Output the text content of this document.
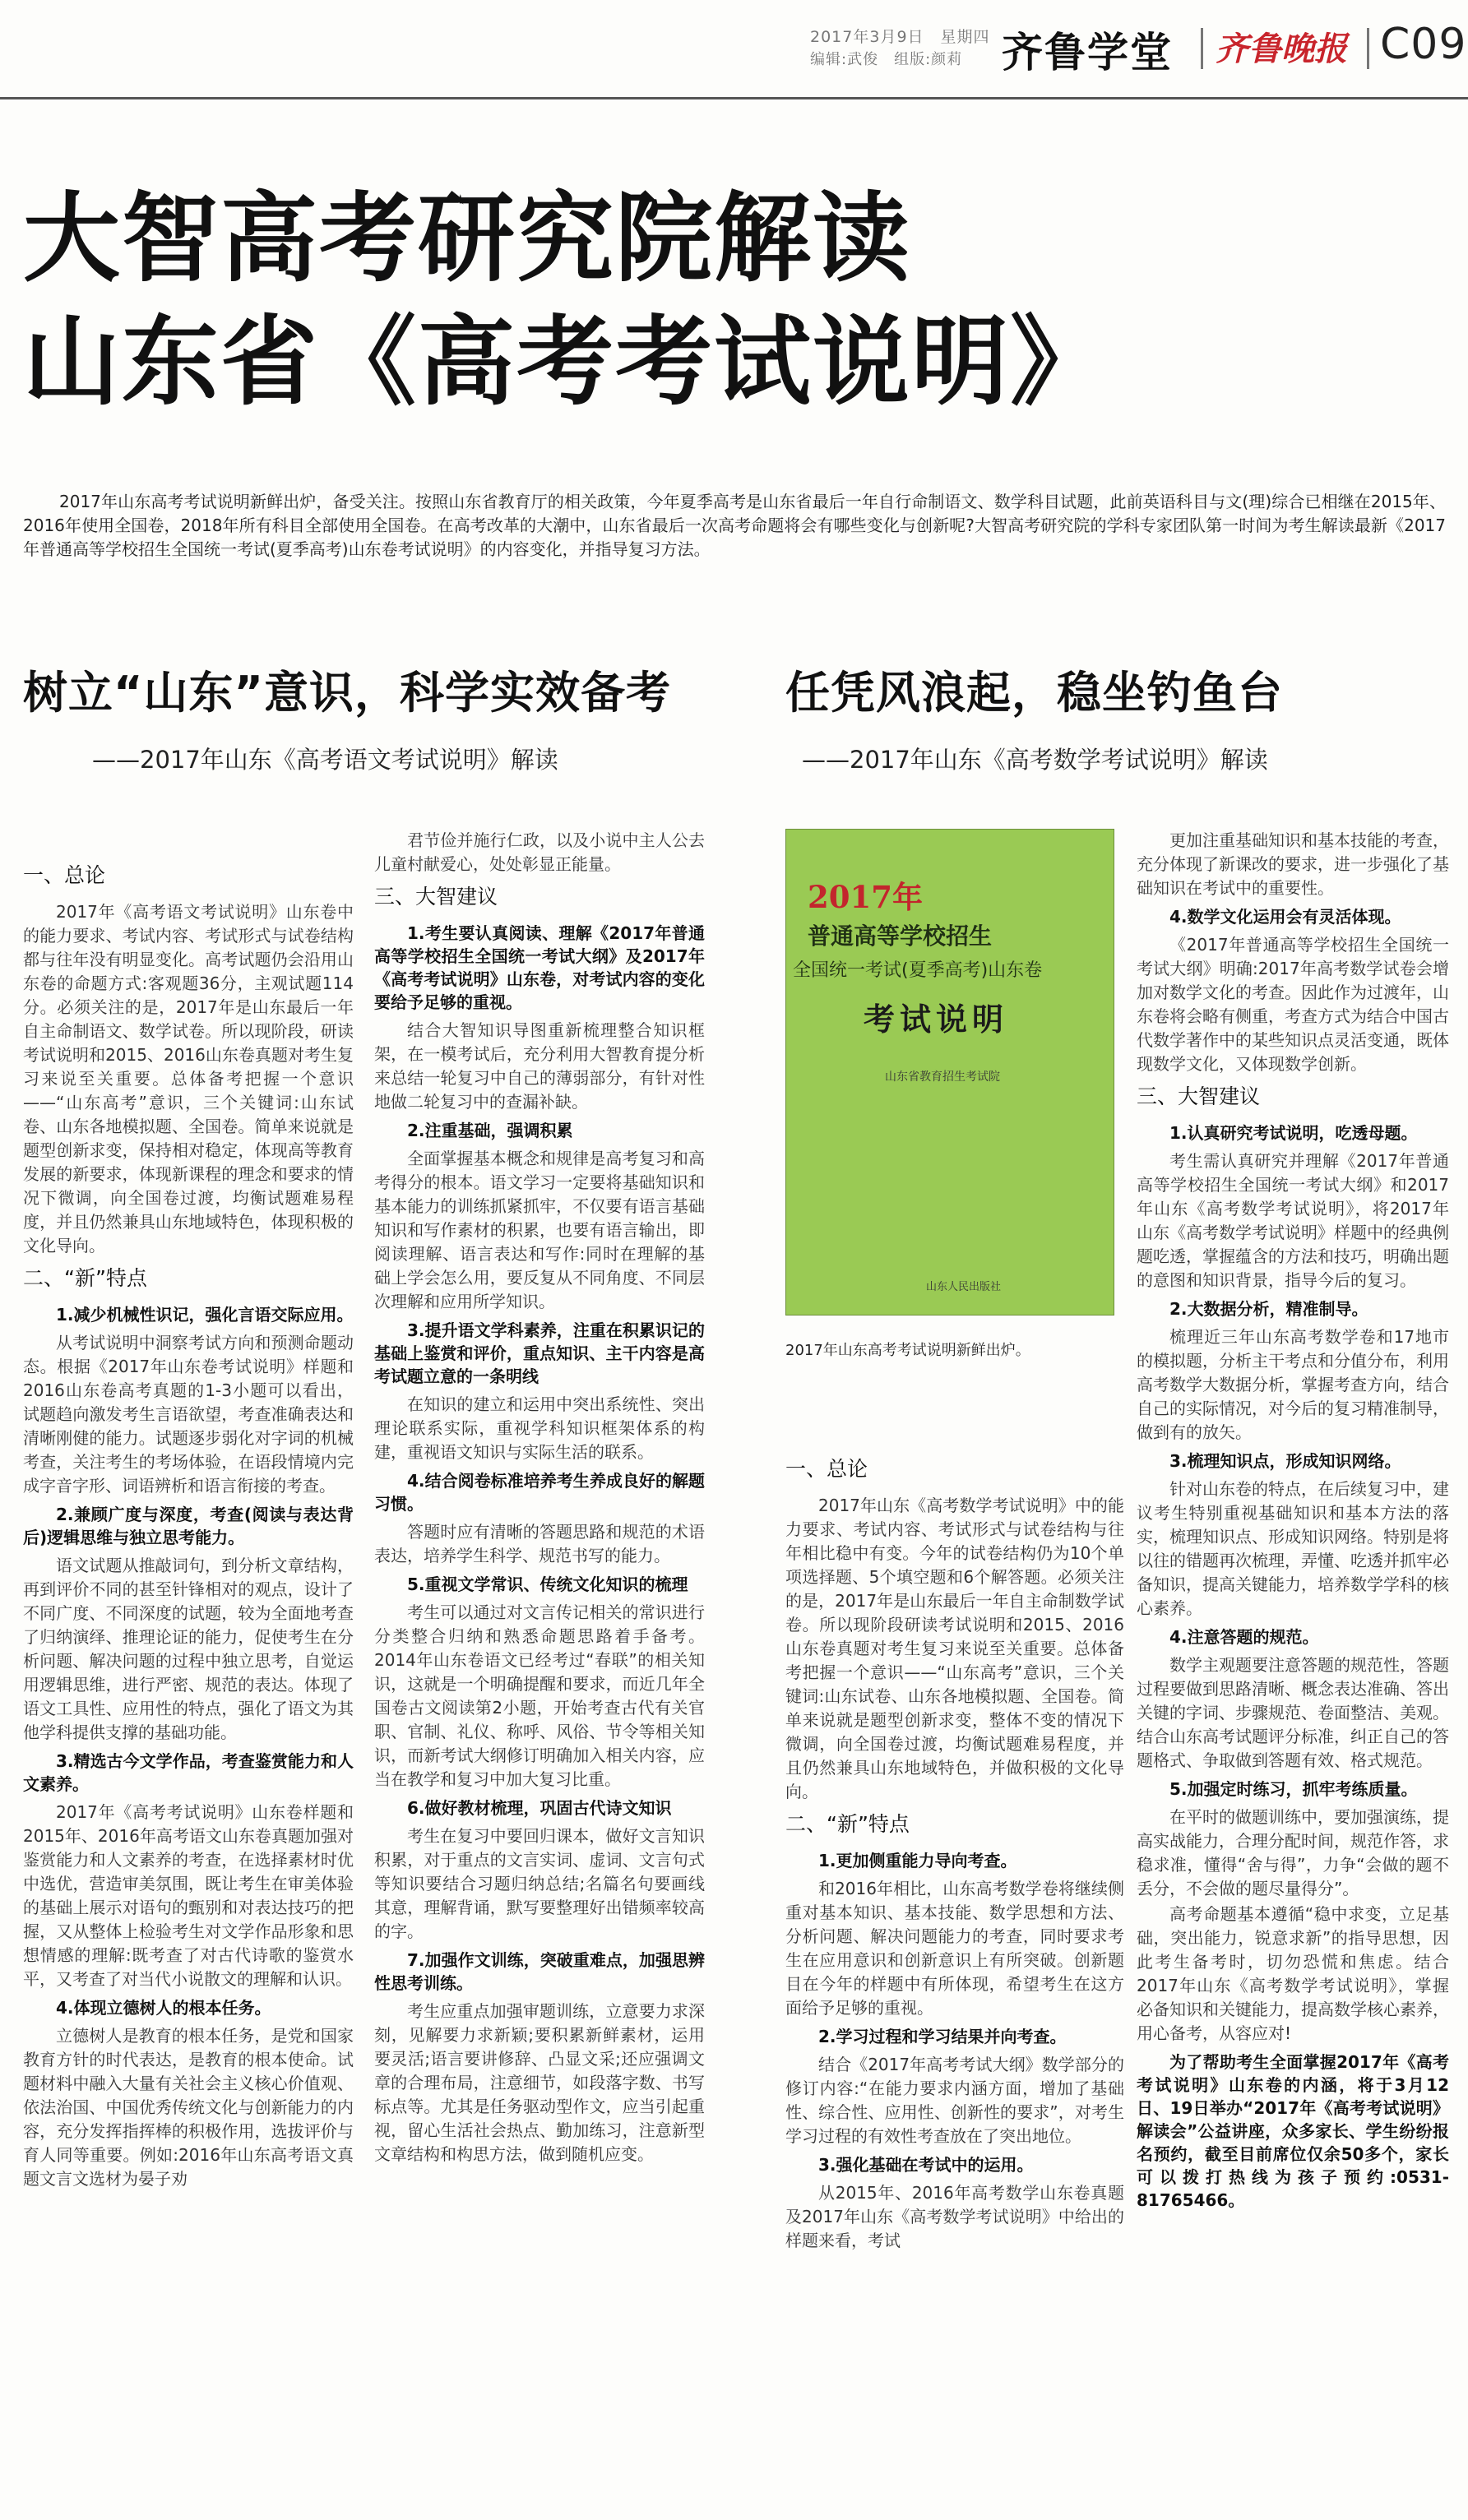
2017年3月9日　星期四
编辑:武俊　组版:颜莉 齐鲁学堂 齐鲁晚报 C09
大智高考研究院解读
山东省《高考考试说明》

2017年山东高考考试说明新鲜出炉，备受关注。按照山东省教育厅的相关政策，今年夏季高考是山东省最后一年自行命制语文、数学科目试题，此前英语科目与文(理)综合已相继在2015年、2016年使用全国卷，2018年所有科目全部使用全国卷。在高考改革的大潮中，山东省最后一次高考命题将会有哪些变化与创新呢?大智高考研究院的学科专家团队第一时间为考生解读最新《2017年普通高等学校招生全国统一考试(夏季高考)山东卷考试说明》的内容变化，并指导复习方法。

树立“山东”意识，科学实效备考
——2017年山东《高考语文考试说明》解读
任凭风浪起，稳坐钓鱼台
——2017年山东《高考数学考试说明》解读
一、总论

2017年《高考语文考试说明》山东卷中的能力要求、考试内容、考试形式与试卷结构都与往年没有明显变化。高考试题仍会沿用山东卷的命题方式:客观题36分，主观试题114分。必须关注的是，2017年是山东最后一年自主命制语文、数学试卷。所以现阶段，研读考试说明和2015、2016山东卷真题对考生复习来说至关重要。总体备考把握一个意识——“山东高考”意识，三个关键词:山东试卷、山东各地模拟题、全国卷。简单来说就是题型创新求变，保持相对稳定，体现高等教育发展的新要求，体现新课程的理念和要求的情况下微调，向全国卷过渡，均衡试题难易程度，并且仍然兼具山东地域特色，体现积极的文化导向。

二、“新”特点
1.减少机械性识记，强化言语交际应用。

从考试说明中洞察考试方向和预测命题动态。根据《2017年山东卷考试说明》样题和2016山东卷高考真题的1-3小题可以看出，试题趋向激发考生言语欲望，考查准确表达和清晰刚健的能力。试题逐步弱化对字词的机械考查，关注考生的考场体验，在语段情境内完成字音字形、词语辨析和语言衔接的考查。

2.兼顾广度与深度，考查(阅读与表达背后)逻辑思维与独立思考能力。

语文试题从推敲词句，到分析文章结构，再到评价不同的甚至针锋相对的观点，设计了不同广度、不同深度的试题，较为全面地考查了归纳演绎、推理论证的能力，促使考生在分析问题、解决问题的过程中独立思考，自觉运用逻辑思维，进行严密、规范的表达。体现了语文工具性、应用性的特点，强化了语文为其他学科提供支撑的基础功能。

3.精选古今文学作品，考查鉴赏能力和人文素养。

2017年《高考考试说明》山东卷样题和2015年、2016年高考语文山东卷真题加强对鉴赏能力和人文素养的考查，在选择素材时优中选优，营造审美氛围，既让考生在审美体验的基础上展示对语句的甄别和对表达技巧的把握，又从整体上检验考生对文学作品形象和思想情感的理解:既考查了对古代诗歌的鉴赏水平，又考查了对当代小说散文的理解和认识。

4.体现立德树人的根本任务。

立德树人是教育的根本任务，是党和国家教育方针的时代表达，是教育的根本使命。试题材料中融入大量有关社会主义核心价值观、依法治国、中国优秀传统文化与创新能力的内容，充分发挥指挥棒的积极作用，选拔评价与育人同等重要。例如:2016年山东高考语文真题文言文选材为晏子劝

君节俭并施行仁政，以及小说中主人公去儿童村献爱心，处处彰显正能量。

三、大智建议
1.考生要认真阅读、理解《2017年普通高等学校招生全国统一考试大纲》及2017年《高考考试说明》山东卷，对考试内容的变化要给予足够的重视。

结合大智知识导图重新梳理整合知识框架，在一模考试后，充分利用大智教育提分析来总结一轮复习中自己的薄弱部分，有针对性地做二轮复习中的查漏补缺。

2.注重基础，强调积累

全面掌握基本概念和规律是高考复习和高考得分的根本。语文学习一定要将基础知识和基本能力的训练抓紧抓牢，不仅要有语言基础知识和写作素材的积累，也要有语言输出，即阅读理解、语言表达和写作:同时在理解的基础上学会怎么用，要反复从不同角度、不同层次理解和应用所学知识。

3.提升语文学科素养，注重在积累识记的基础上鉴赏和评价，重点知识、主干内容是高考试题立意的一条明线

在知识的建立和运用中突出系统性、突出理论联系实际，重视学科知识框架体系的构建，重视语文知识与实际生活的联系。

4.结合阅卷标准培养考生养成良好的解题习惯。

答题时应有清晰的答题思路和规范的术语表达，培养学生科学、规范书写的能力。

5.重视文学常识、传统文化知识的梳理

考生可以通过对文言传记相关的常识进行分类整合归纳和熟悉命题思路着手备考。2014年山东卷语文已经考过“春联”的相关知识，这就是一个明确提醒和要求，而近几年全国卷古文阅读第2小题，开始考查古代有关官职、官制、礼仪、称呼、风俗、节令等相关知识，而新考试大纲修订明确加入相关内容，应当在教学和复习中加大复习比重。

6.做好教材梳理，巩固古代诗文知识

考生在复习中要回归课本，做好文言知识积累，对于重点的文言实词、虚词、文言句式等知识要结合习题归纳总结;名篇名句要画线其意，理解背诵，默写要整理好出错频率较高的字。

7.加强作文训练，突破重难点，加强思辨性思考训练。

考生应重点加强审题训练，立意要力求深刻，见解要力求新颖;要积累新鲜素材，运用要灵活;语言要讲修辞、凸显文采;还应强调文章的合理布局，注意细节，如段落字数、书写标点等。尤其是任务驱动型作文，应当引起重视，留心生活社会热点、勤加练习，注意新型文章结构和构思方法，做到随机应变。

2017年
普通高等学校招生
全国统一考试(夏季高考)山东卷
考试说明
山东省教育招生考试院
山东人民出版社
2017年山东高考考试说明新鲜出炉。
一、总论

2017年山东《高考数学考试说明》中的能力要求、考试内容、考试形式与试卷结构与往年相比稳中有变。今年的试卷结构仍为10个单项选择题、5个填空题和6个解答题。必须关注的是，2017年是山东最后一年自主命制数学试卷。所以现阶段研读考试说明和2015、2016山东卷真题对考生复习来说至关重要。总体备考把握一个意识——“山东高考”意识，三个关键词:山东试卷、山东各地模拟题、全国卷。简单来说就是题型创新求变，整体不变的情况下微调，向全国卷过渡，均衡试题难易程度，并且仍然兼具山东地域特色，并做积极的文化导向。

二、“新”特点
1.更加侧重能力导向考查。

和2016年相比，山东高考数学卷将继续侧重对基本知识、基本技能、数学思想和方法、分析问题、解决问题能力的考查，同时要求考生在应用意识和创新意识上有所突破。创新题目在今年的样题中有所体现，希望考生在这方面给予足够的重视。

2.学习过程和学习结果并向考查。

结合《2017年高考考试大纲》数学部分的修订内容:“在能力要求内涵方面，增加了基础性、综合性、应用性、创新性的要求”，对考生学习过程的有效性考查放在了突出地位。

3.强化基础在考试中的运用。

从2015年、2016年高考数学山东卷真题及2017年山东《高考数学考试说明》中给出的样题来看，考试

更加注重基础知识和基本技能的考查，充分体现了新课改的要求，进一步强化了基础知识在考试中的重要性。

4.数学文化运用会有灵活体现。

《2017年普通高等学校招生全国统一考试大纲》明确:2017年高考数学试卷会增加对数学文化的考查。因此作为过渡年，山东卷将会略有侧重，考查方式为结合中国古代数学著作中的某些知识点灵活变通，既体现数学文化，又体现数学创新。

三、大智建议
1.认真研究考试说明，吃透母题。

考生需认真研究并理解《2017年普通高等学校招生全国统一考试大纲》和2017年山东《高考数学考试说明》，将2017年山东《高考数学考试说明》样题中的经典例题吃透，掌握蕴含的方法和技巧，明确出题的意图和知识背景，指导今后的复习。

2.大数据分析，精准制导。

梳理近三年山东高考数学卷和17地市的模拟题，分析主干考点和分值分布，利用高考数学大数据分析，掌握考查方向，结合自己的实际情况，对今后的复习精准制导，做到有的放矢。

3.梳理知识点，形成知识网络。

针对山东卷的特点，在后续复习中，建议考生特别重视基础知识和基本方法的落实，梳理知识点、形成知识网络。特别是将以往的错题再次梳理，弄懂、吃透并抓牢必备知识，提高关键能力，培养数学学科的核心素养。

4.注意答题的规范。

数学主观题要注意答题的规范性，答题过程要做到思路清晰、概念表达准确、答出关键的字词、步骤规范、卷面整洁、美观。结合山东高考试题评分标准，纠正自己的答题格式、争取做到答题有效、格式规范。

5.加强定时练习，抓牢考练质量。

在平时的做题训练中，要加强演练，提高实战能力，合理分配时间，规范作答，求稳求准，懂得“舍与得”，力争“会做的题不丢分，不会做的题尽量得分”。

高考命题基本遵循“稳中求变，立足基础，突出能力，锐意求新”的指导思想，因此考生备考时，切勿恐慌和焦虑。结合2017年山东《高考数学考试说明》，掌握必备知识和关键能力，提高数学核心素养，用心备考，从容应对!

为了帮助考生全面掌握2017年《高考考试说明》山东卷的内涵，将于3月12日、19日举办“2017年《高考考试说明》解读会”公益讲座，众多家长、学生纷纷报名预约，截至目前席位仅余50多个，家长可以拨打热线为孩子预约:0531-81765466。
